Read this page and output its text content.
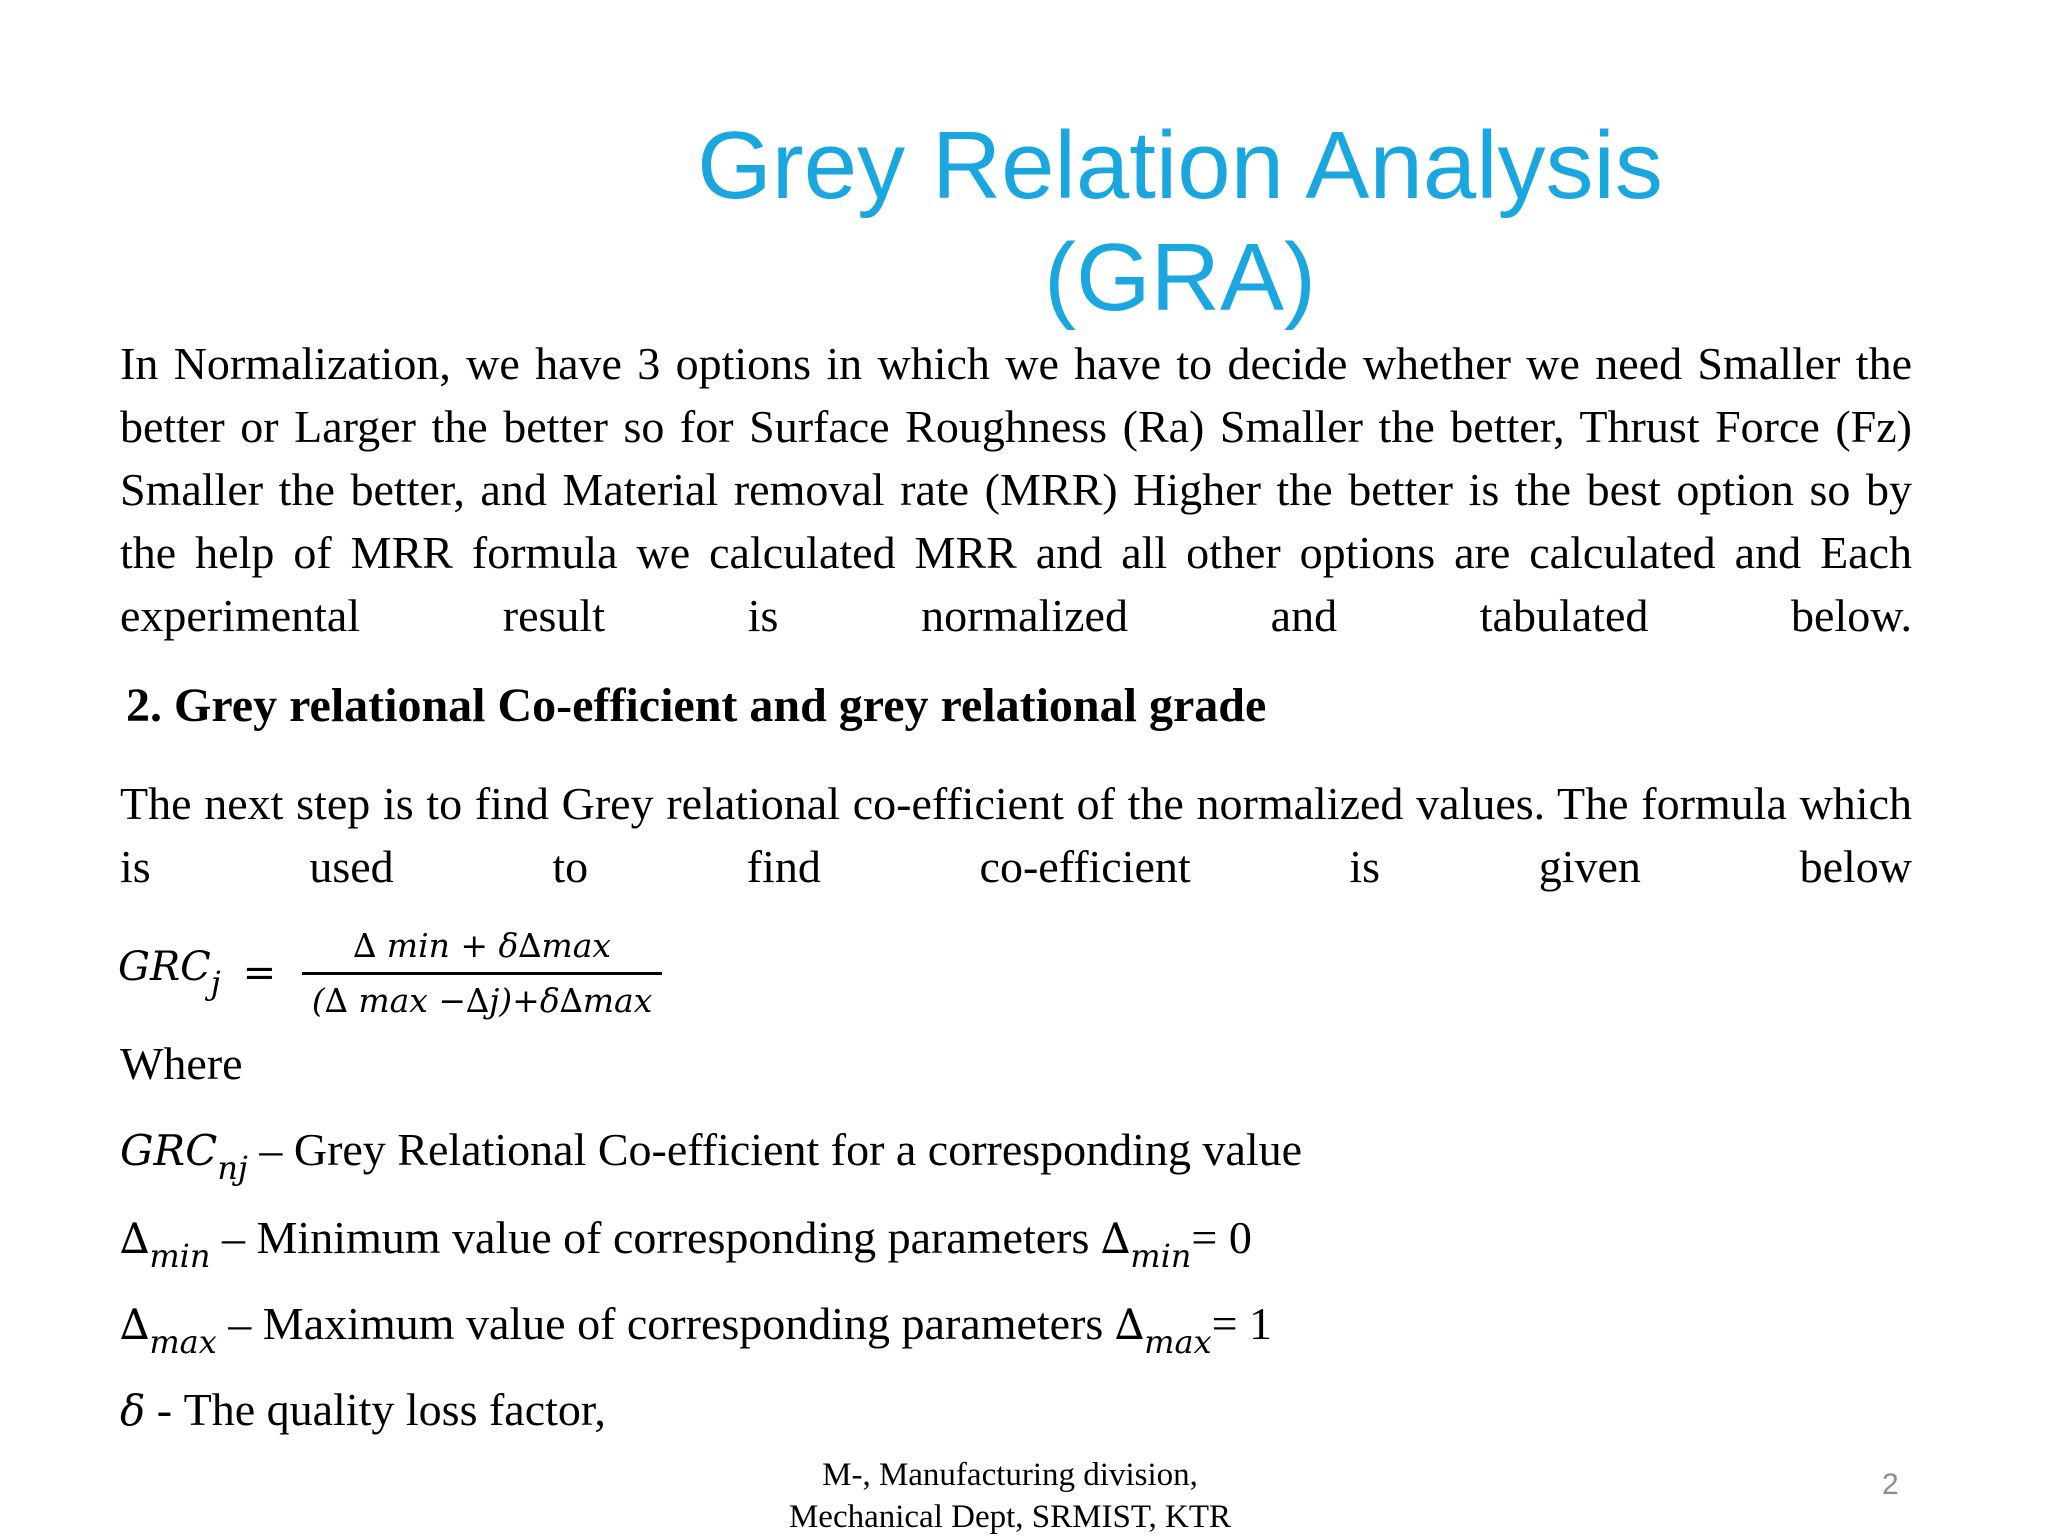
Grey Relation Analysis
(GRA)

In Normalization, we have 3 options in which we have to decide whether we need Smaller the better or Larger the better so for Surface Roughness (Ra) Smaller the better, Thrust Force (Fz) Smaller the better, and Material removal rate (MRR) Higher the better is the best option so by the help of MRR formula we calculated MRR and all other options are calculated and Each experimental result is normalized and tabulated below.

2. Grey relational Co-efficient and grey relational grade

The next step is to find Grey relational co-efficient of the normalized values. The formula which is used to find co-efficient is given below

$GRC_j = \frac{\Delta \min + \delta\Delta\max}{(\Delta \max -\Delta j)+\delta\Delta\max}$

Where

$GRC_{nj}$ – Grey Relational Co-efficient for a corresponding value

$\Delta_{min}$ – Minimum value of corresponding parameters $\Delta_{min}= 0$

$\Delta_{max}$ – Maximum value of corresponding parameters $\Delta_{max}= 1$

δ - The quality loss factor,

M-, Manufacturing division,
Mechanical Dept, SRMIST, KTR
2
